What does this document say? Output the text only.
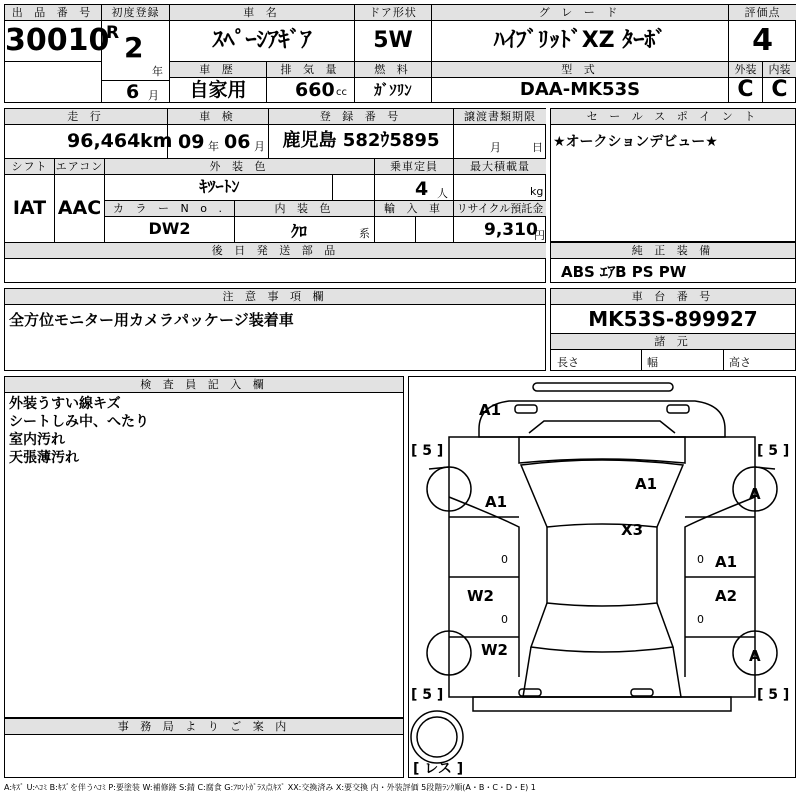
出 品 番 号
30010
初度登録
R 2
年
6 月
車 名
ｽﾍﾟｰｼｱｷﾞｱ
ドア形状
5W
グ レ ー ド
ﾊｲﾌﾞﾘｯﾄﾞXZ ﾀｰﾎﾞ
評価点
4
車 歴
自家用
排 気 量
660 cc
燃 料
ｶﾞｿﾘﾝ
型 式
DAA-MK53S
外装
C
内装
C
走 行
96,464 km
車 検
09 年 06 月
登 録 番 号
鹿児島 582ｳ5895
譲渡書類期限
月	日
シフト
IAT
エアコン
AAC
外 装 色
ｷﾂｰﾄﾝ
乗車定員
4 人
最大積載量
kg
カ ラ ー N o .
DW2
内 装 色
ｸﾛ	系
輸 入 車	リサイクル預託金
9,310
円
後 日 発 送 部 品
セ ー ル ス ポ イ ン ト
★オークションデビュー★
純 正 装 備
ABS ｴｱB PS PW
注 意 事 項 欄
全方位モニター用カメラパッケージ装着車
車 台 番 号
MK53S-899927
諸 元
長さ	幅	高さ
検 査 員 記 入 欄
外装うすい線キズ
シートしみ中、へたり
室内汚れ
天張薄汚れ
事 務 局 よ り ご 案 内
A1
A1
X3
A1
A1
W2	A2
W2
A
A
0	0
0	0
[ 5 ]	[ 5 ]
[ 5 ]	[ 5 ]
[ レス ]
A:ｷｽﾞ U:ﾍｺﾐ B:ｷｽﾞを伴うﾍｺﾐ P:要塗装 W:補修跡 S:錆 C:腐食 G:ﾌﾛﾝﾄｶﾞﾗｽ点ｷｽﾞ XX:交換済み X:要交換 内・外装評価 5段階ﾗﾝｸ順(A・B・C・D・E) 1
